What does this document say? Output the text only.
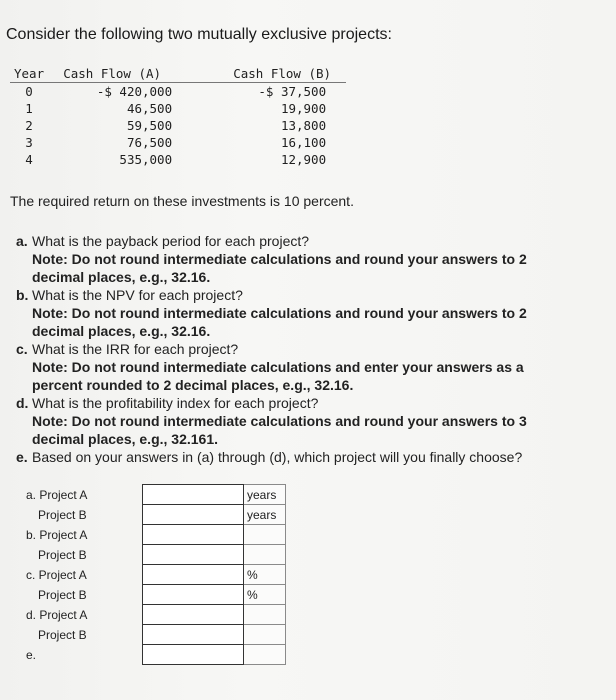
Consider the following two mutually exclusive projects:
Year	Cash Flow (A)		Cash Flow (B)
0	-$ 420,000		-$ 37,500
1	46,500		19,900
2	59,500		13,800
3	76,500		16,100
4	535,000		12,900
The required return on these investments is 10 percent.
a. What is the payback period for each project?
Note: Do not round intermediate calculations and round your answers to 2 decimal places, e.g., 32.16.
b. What is the NPV for each project?
Note: Do not round intermediate calculations and round your answers to 2 decimal places, e.g., 32.16.
c. What is the IRR for each project?
Note: Do not round intermediate calculations and enter your answers as a percent rounded to 2 decimal places, e.g., 32.16.
d. What is the profitability index for each project?
Note: Do not round intermediate calculations and round your answers to 3 decimal places, e.g., 32.161.
e. Based on your answers in (a) through (d), which project will you finally choose?
a. Project A		years
Project B		years
b. Project A		
Project B		
c. Project A		%
Project B		%
d. Project A		
Project B		
e.		
